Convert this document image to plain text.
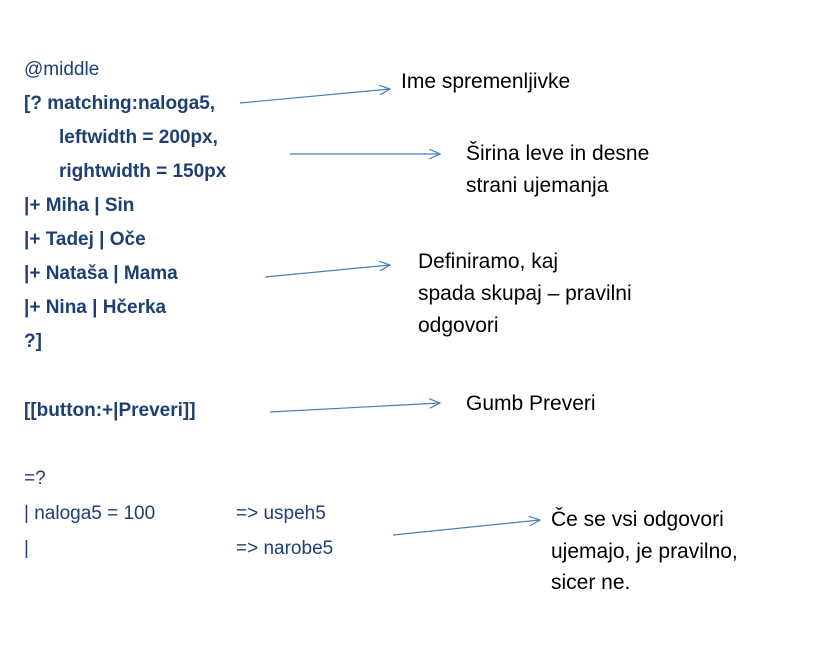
@middle
[? matching:naloga5,
leftwidth = 200px,
rightwidth = 150px
|+ Miha | Sin
|+ Tadej | Oče
|+ Nataša | Mama
|+ Nina | Hčerka
?]
[[button:+|Preveri]]
=?
| naloga5 = 100	=> uspeh5
|	=> narobe5
Ime spremenljivke
Širina leve in desne
strani ujemanja
Definiramo, kaj
spada skupaj – pravilni
odgovori
Gumb Preveri
Če se vsi odgovori
ujemajo, je pravilno,
sicer ne.
